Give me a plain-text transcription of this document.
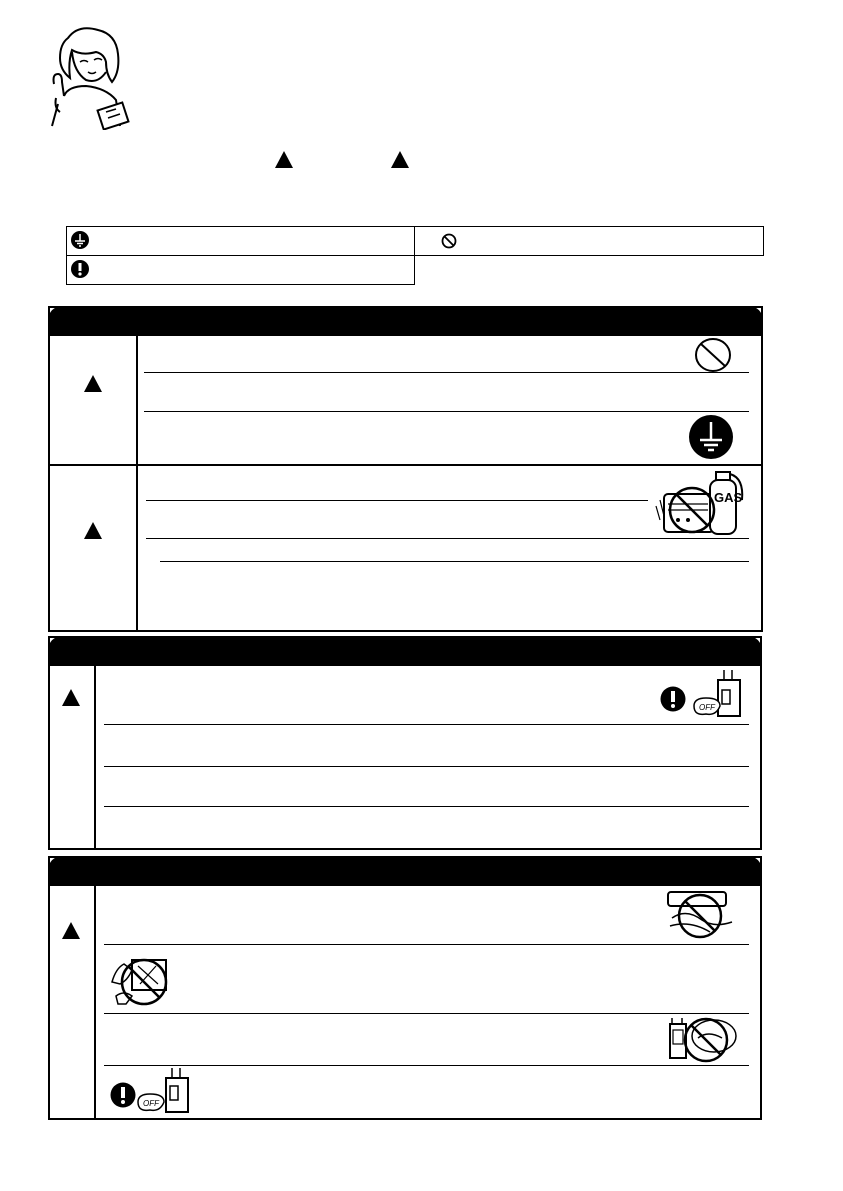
GAS
OFF
OFF
